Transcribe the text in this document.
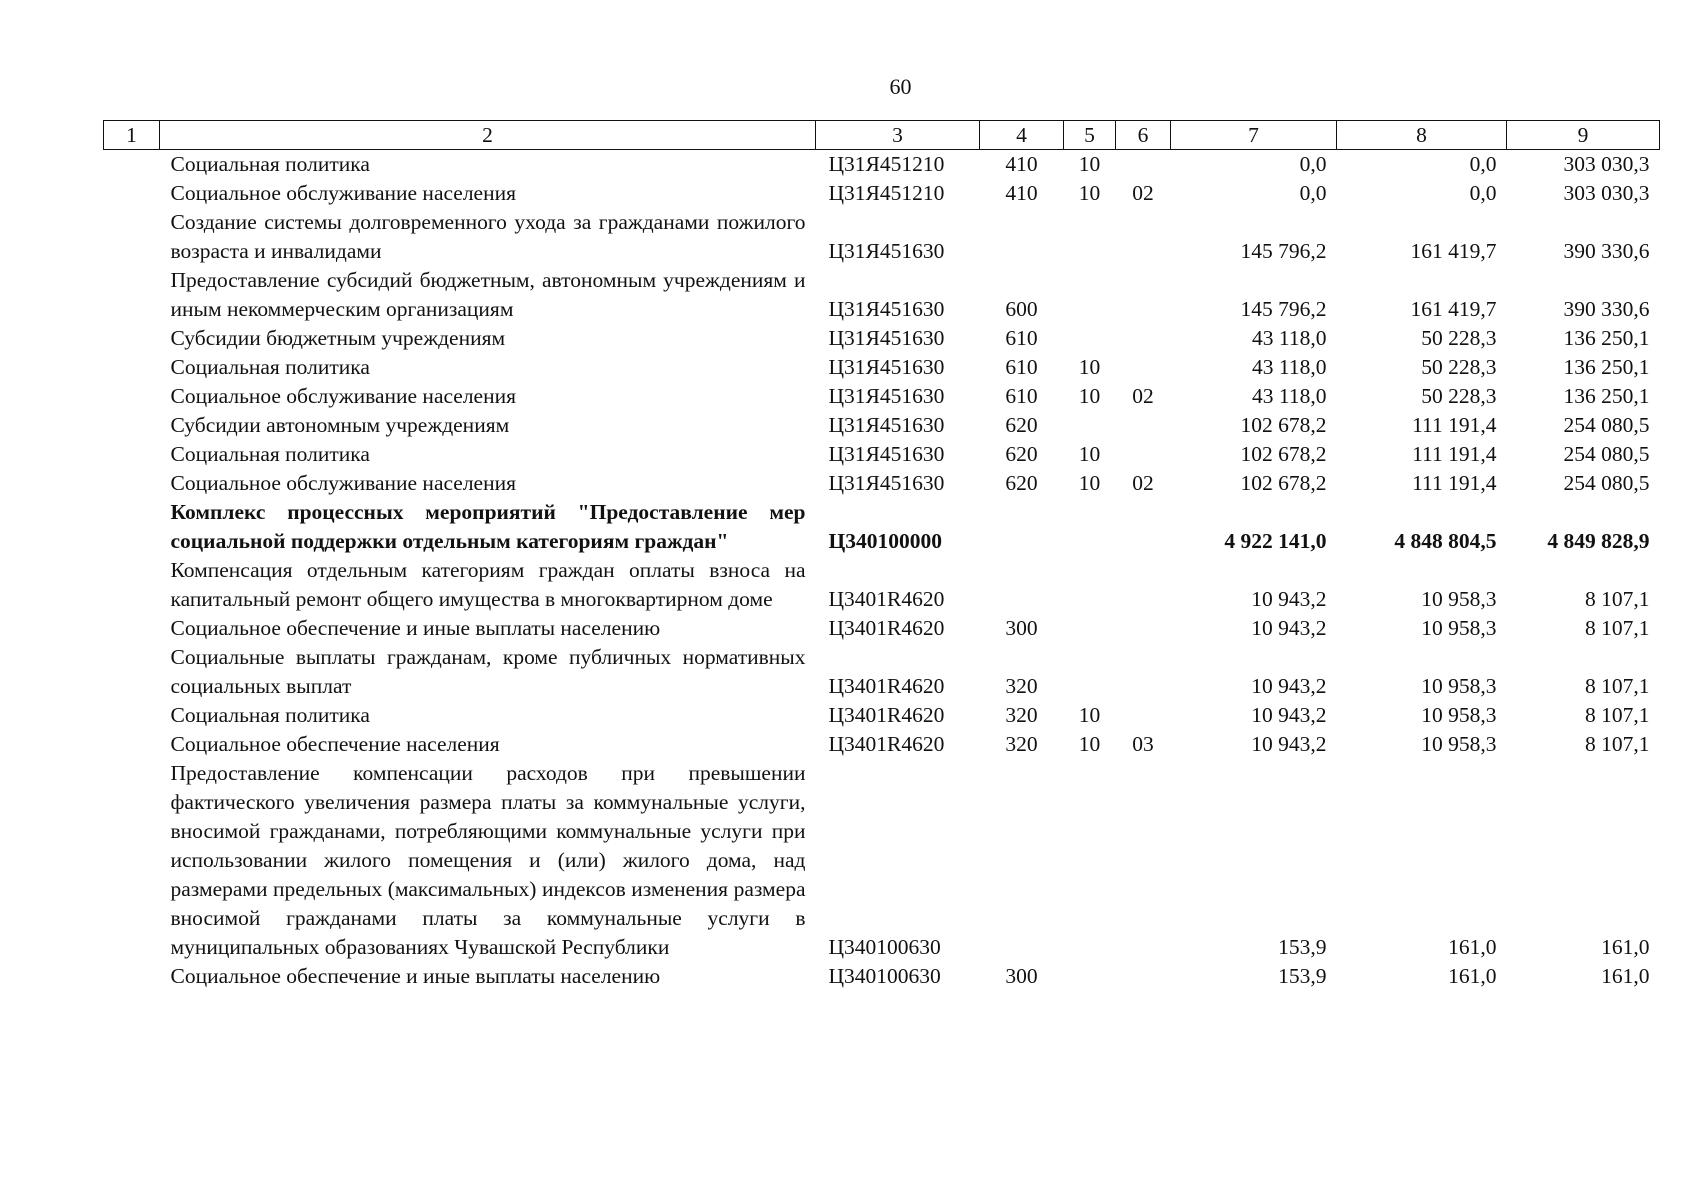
60
1	2	3	4	5	6	7	8	9
	Социальная политика	Ц31Я451210	410	10		0,0	0,0	303 030,3
	Социальное обслуживание населения	Ц31Я451210	410	10	02	0,0	0,0	303 030,3
	Создание системы долговременного ухода за гражданами пожилого возраста и инвалидами	Ц31Я451630				145 796,2	161 419,7	390 330,6
	Предоставление субсидий бюджетным, автономным учреждениям и иным некоммерческим организациям	Ц31Я451630	600			145 796,2	161 419,7	390 330,6
	Субсидии бюджетным учреждениям	Ц31Я451630	610			43 118,0	50 228,3	136 250,1
	Социальная политика	Ц31Я451630	610	10		43 118,0	50 228,3	136 250,1
	Социальное обслуживание населения	Ц31Я451630	610	10	02	43 118,0	50 228,3	136 250,1
	Субсидии автономным учреждениям	Ц31Я451630	620			102 678,2	111 191,4	254 080,5
	Социальная политика	Ц31Я451630	620	10		102 678,2	111 191,4	254 080,5
	Социальное обслуживание населения	Ц31Я451630	620	10	02	102 678,2	111 191,4	254 080,5
	Комплекс процессных мероприятий "Предоставление мер социальной поддержки отдельным категориям граждан"	Ц340100000				4 922 141,0	4 848 804,5	4 849 828,9
	Компенсация отдельным категориям граждан оплаты взноса на капитальный ремонт общего имущества в многоквартирном доме	Ц3401R4620				10 943,2	10 958,3	8 107,1
	Социальное обеспечение и иные выплаты населению	Ц3401R4620	300			10 943,2	10 958,3	8 107,1
	Социальные выплаты гражданам, кроме публичных нормативных социальных выплат	Ц3401R4620	320			10 943,2	10 958,3	8 107,1
	Социальная политика	Ц3401R4620	320	10		10 943,2	10 958,3	8 107,1
	Социальное обеспечение населения	Ц3401R4620	320	10	03	10 943,2	10 958,3	8 107,1
	Предоставление компенсации расходов при превышении фактического увеличения размера платы за коммунальные услуги, вносимой гражданами, потребляющими коммунальные услуги при использовании жилого помещения и (или) жилого дома, над размерами предельных (максимальных) индексов изменения размера вносимой гражданами платы за коммунальные услуги в муниципальных образованиях Чувашской Республики	Ц340100630				153,9	161,0	161,0
	Социальное обеспечение и иные выплаты населению	Ц340100630	300			153,9	161,0	161,0
